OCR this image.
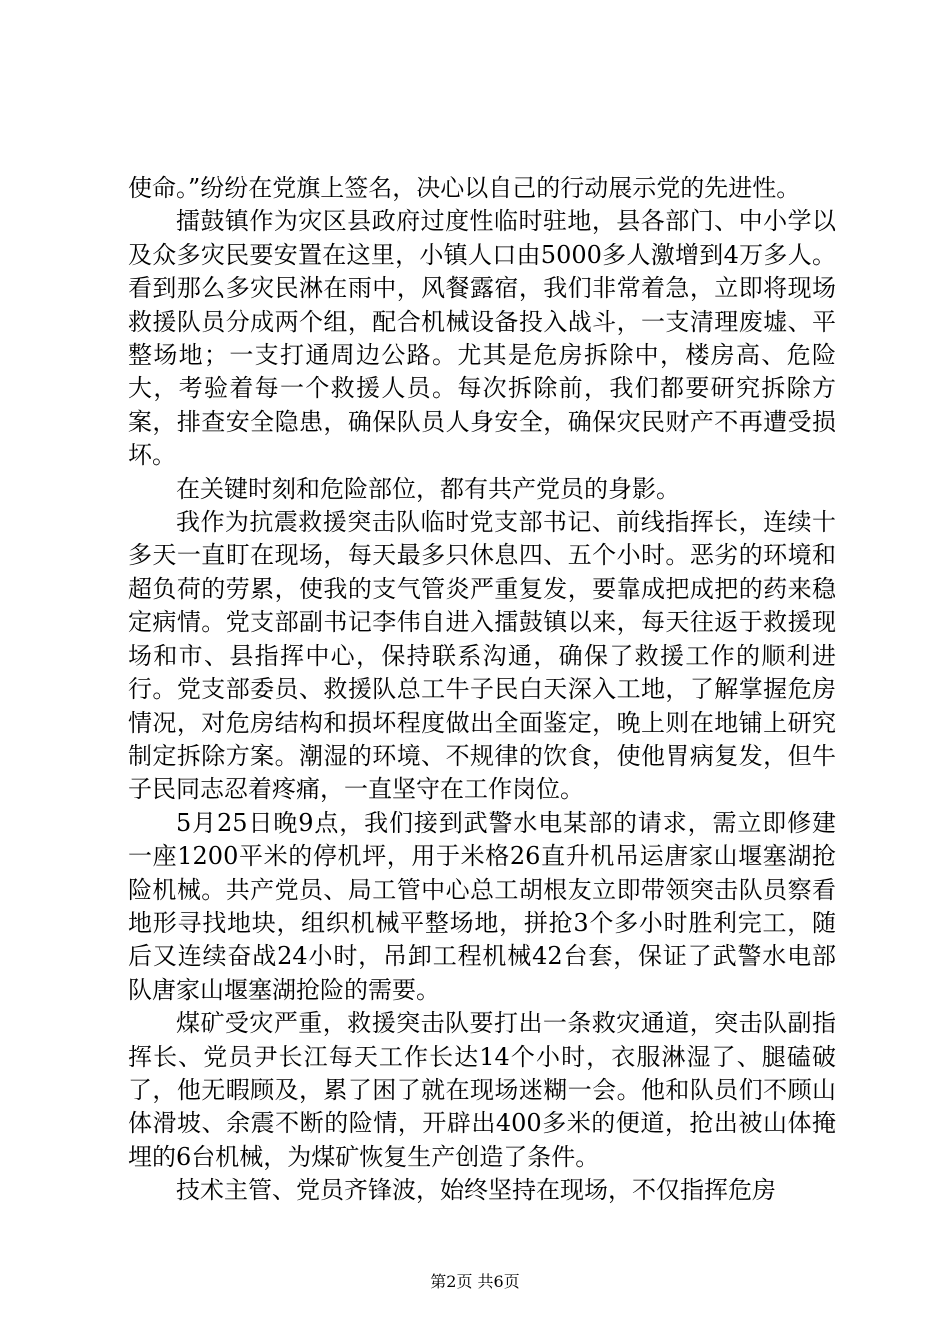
使命。”纷纷在党旗上签名，决心以自己的行动展示党的先进性。

擂鼓镇作为灾区县政府过度性临时驻地，县各部门、中小学以及众多灾民要安置在这里，小镇人口由5000多人激增到4万多人。看到那么多灾民淋在雨中，风餐露宿，我们非常着急，立即将现场救援队员分成两个组，配合机械设备投入战斗，一支清理废墟、平整场地；一支打通周边公路。尤其是危房拆除中，楼房高、危险大，考验着每一个救援人员。每次拆除前，我们都要研究拆除方案，排查安全隐患，确保队员人身安全，确保灾民财产不再遭受损坏。

在关键时刻和危险部位，都有共产党员的身影。

我作为抗震救援突击队临时党支部书记、前线指挥长，连续十多天一直盯在现场，每天最多只休息四、五个小时。恶劣的环境和超负荷的劳累，使我的支气管炎严重复发，要靠成把成把的药来稳定病情。党支部副书记李伟自进入擂鼓镇以来，每天往返于救援现场和市、县指挥中心，保持联系沟通，确保了救援工作的顺利进行。党支部委员、救援队总工牛子民白天深入工地，了解掌握危房情况，对危房结构和损坏程度做出全面鉴定，晚上则在地铺上研究制定拆除方案。潮湿的环境、不规律的饮食，使他胃病复发，但牛子民同志忍着疼痛，一直坚守在工作岗位。

5月25日晚9点，我们接到武警水电某部的请求，需立即修建一座1200平米的停机坪，用于米格26直升机吊运唐家山堰塞湖抢险机械。共产党员、局工管中心总工胡根友立即带领突击队员察看地形寻找地块，组织机械平整场地，拼抢3个多小时胜利完工，随后又连续奋战24小时，吊卸工程机械42台套，保证了武警水电部队唐家山堰塞湖抢险的需要。

煤矿受灾严重，救援突击队要打出一条救灾通道，突击队副指挥长、党员尹长江每天工作长达14个小时，衣服淋湿了、腿磕破了，他无暇顾及，累了困了就在现场迷糊一会。他和队员们不顾山体滑坡、余震不断的险情，开辟出400多米的便道，抢出被山体掩埋的6台机械，为煤矿恢复生产创造了条件。

技术主管、党员齐锋波，始终坚持在现场，不仅指挥危房

第2页 共6页
